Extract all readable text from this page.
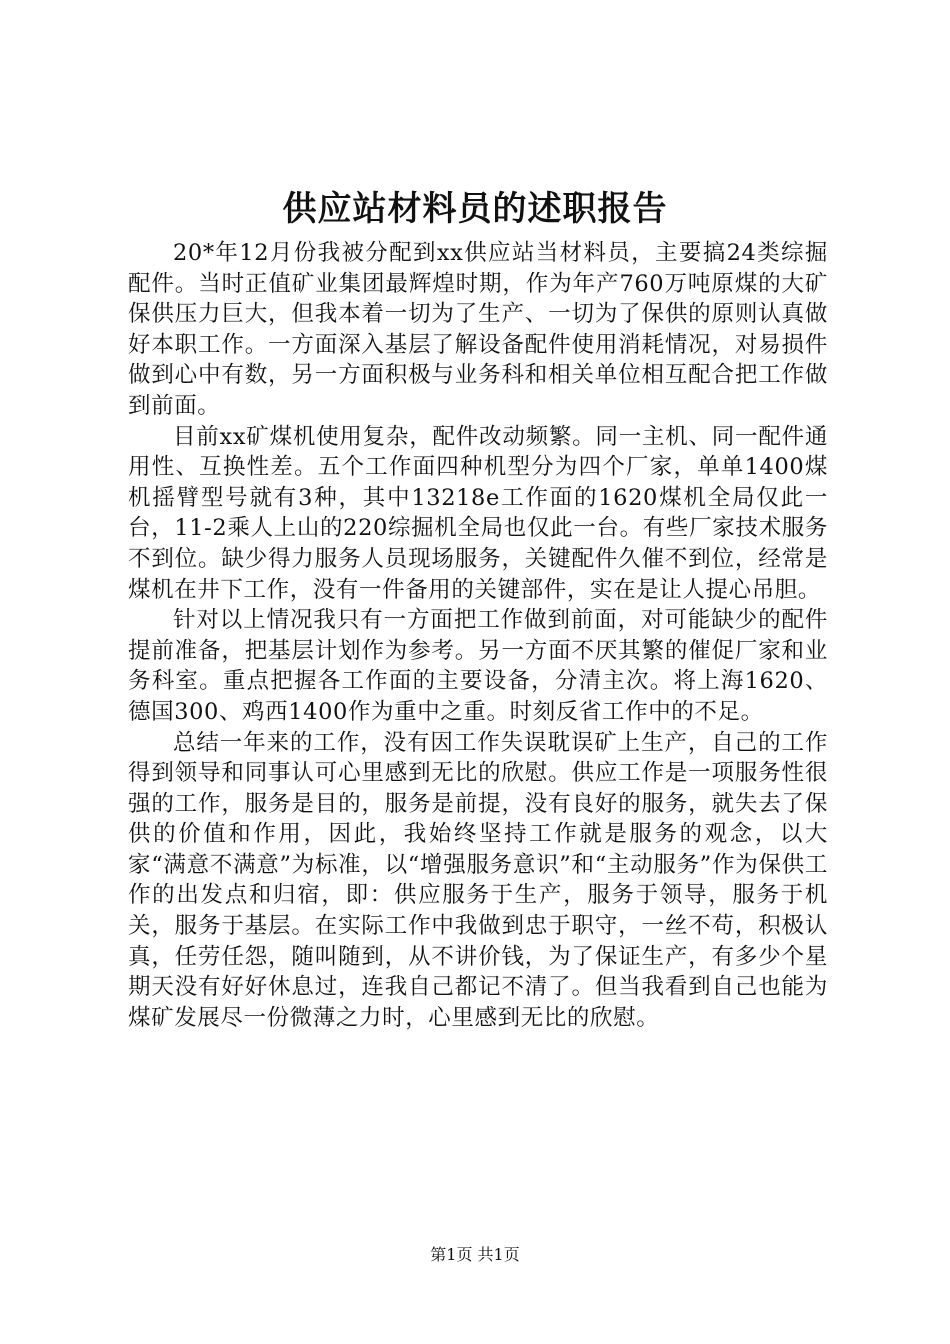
供应站材料员的述职报告

20*年12月份我被分配到xx供应站当材料员，主要搞24类综掘配件。当时正值矿业集团最辉煌时期，作为年产760万吨原煤的大矿保供压力巨大，但我本着一切为了生产、一切为了保供的原则认真做好本职工作。一方面深入基层了解设备配件使用消耗情况，对易损件做到心中有数，另一方面积极与业务科和相关单位相互配合把工作做到前面。

目前xx矿煤机使用复杂，配件改动频繁。同一主机、同一配件通用性、互换性差。五个工作面四种机型分为四个厂家，单单1400煤机摇臂型号就有3种，其中13218e工作面的1620煤机全局仅此一台，11-2乘人上山的220综掘机全局也仅此一台。有些厂家技术服务不到位。缺少得力服务人员现场服务，关键配件久催不到位，经常是煤机在井下工作，没有一件备用的关键部件，实在是让人提心吊胆。

针对以上情况我只有一方面把工作做到前面，对可能缺少的配件提前准备，把基层计划作为参考。另一方面不厌其繁的催促厂家和业务科室。重点把握各工作面的主要设备，分清主次。将上海1620、德国300、鸡西1400作为重中之重。时刻反省工作中的不足。

总结一年来的工作，没有因工作失误耽误矿上生产，自己的工作得到领导和同事认可心里感到无比的欣慰。供应工作是一项服务性很强的工作，服务是目的，服务是前提，没有良好的服务，就失去了保供的价值和作用，因此，我始终坚持工作就是服务的观念，以大家“满意不满意”为标准，以“增强服务意识”和“主动服务”作为保供工作的出发点和归宿，即：供应服务于生产，服务于领导，服务于机关，服务于基层。在实际工作中我做到忠于职守，一丝不苟，积极认真，任劳任怨，随叫随到，从不讲价钱，为了保证生产，有多少个星期天没有好好休息过，连我自己都记不清了。但当我看到自己也能为煤矿发展尽一份微薄之力时，心里感到无比的欣慰。

第1页 共1页
